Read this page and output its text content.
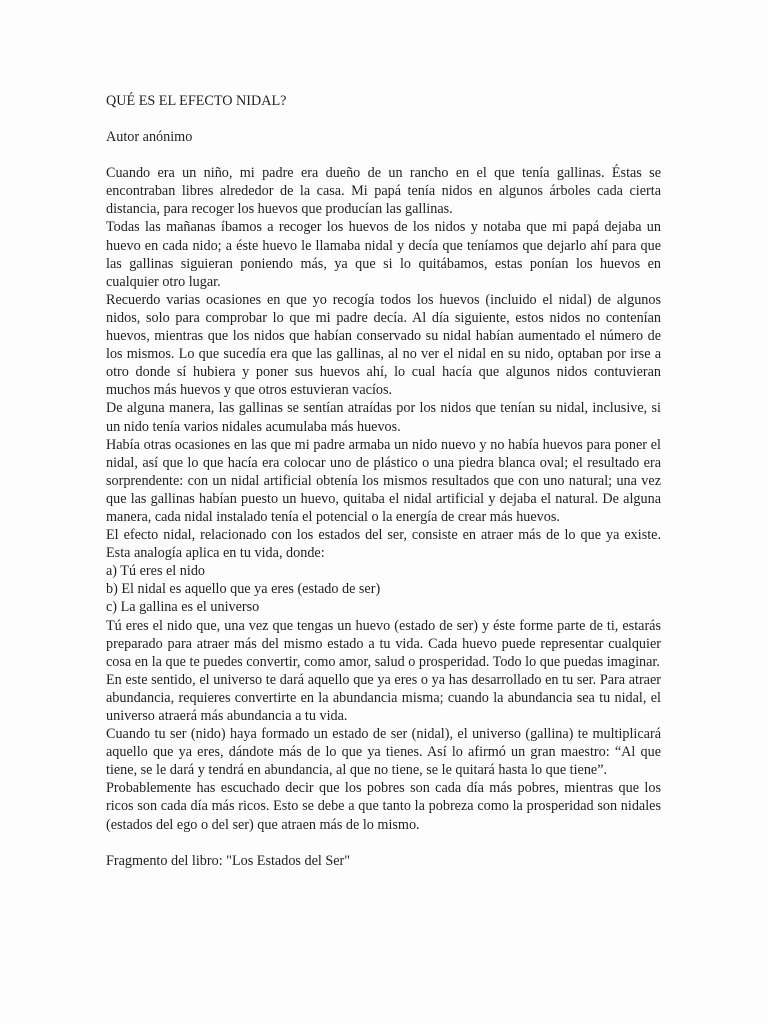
QUÉ ES EL EFECTO NIDAL?

Autor anónimo

Cuando era un niño, mi padre era dueño de un rancho en el que tenía gallinas. Éstas se encontraban libres alrededor de la casa. Mi papá tenía nidos en algunos árboles cada cierta distancia, para recoger los huevos que producían las gallinas.

Todas las mañanas íbamos a recoger los huevos de los nidos y notaba que mi papá dejaba un huevo en cada nido; a éste huevo le llamaba nidal y decía que teníamos que dejarlo ahí para que las gallinas siguieran poniendo más, ya que si lo quitábamos, estas ponían los huevos en cualquier otro lugar.

Recuerdo varias ocasiones en que yo recogía todos los huevos (incluido el nidal) de algunos nidos, solo para comprobar lo que mi padre decía. Al día siguiente, estos nidos no contenían huevos, mientras que los nidos que habían conservado su nidal habían aumentado el número de los mismos. Lo que sucedía era que las gallinas, al no ver el nidal en su nido, optaban por irse a otro donde sí hubiera y poner sus huevos ahí, lo cual hacía que algunos nidos contuvieran muchos más huevos y que otros estuvieran vacíos.

De alguna manera, las gallinas se sentían atraídas por los nidos que tenían su nidal, inclusive, si un nido tenía varios nidales acumulaba más huevos.

Había otras ocasiones en las que mi padre armaba un nido nuevo y no había huevos para poner el nidal, así que lo que hacía era colocar uno de plástico o una piedra blanca oval; el resultado era sorprendente: con un nidal artificial obtenía los mismos resultados que con uno natural; una vez que las gallinas habían puesto un huevo, quitaba el nidal artificial y dejaba el natural. De alguna manera, cada nidal instalado tenía el potencial o la energía de crear más huevos.

El efecto nidal, relacionado con los estados del ser, consiste en atraer más de lo que ya existe. Esta analogía aplica en tu vida, donde:

a) Tú eres el nido

b) El nidal es aquello que ya eres (estado de ser)

c) La gallina es el universo

Tú eres el nido que, una vez que tengas un huevo (estado de ser) y éste forme parte de ti, estarás preparado para atraer más del mismo estado a tu vida. Cada huevo puede representar cualquier cosa en la que te puedes convertir, como amor, salud o prosperidad. Todo lo que puedas imaginar.

En este sentido, el universo te dará aquello que ya eres o ya has desarrollado en tu ser. Para atraer abundancia, requieres convertirte en la abundancia misma; cuando la abundancia sea tu nidal, el universo atraerá más abundancia a tu vida.

Cuando tu ser (nido) haya formado un estado de ser (nidal), el universo (gallina) te multiplicará aquello que ya eres, dándote más de lo que ya tienes. Así lo afirmó un gran maestro: “Al que tiene, se le dará y tendrá en abundancia, al que no tiene, se le quitará hasta lo que tiene”.

Probablemente has escuchado decir que los pobres son cada día más pobres, mientras que los ricos son cada día más ricos. Esto se debe a que tanto la pobreza como la prosperidad son nidales (estados del ego o del ser) que atraen más de lo mismo.

Fragmento del libro: "Los Estados del Ser"
